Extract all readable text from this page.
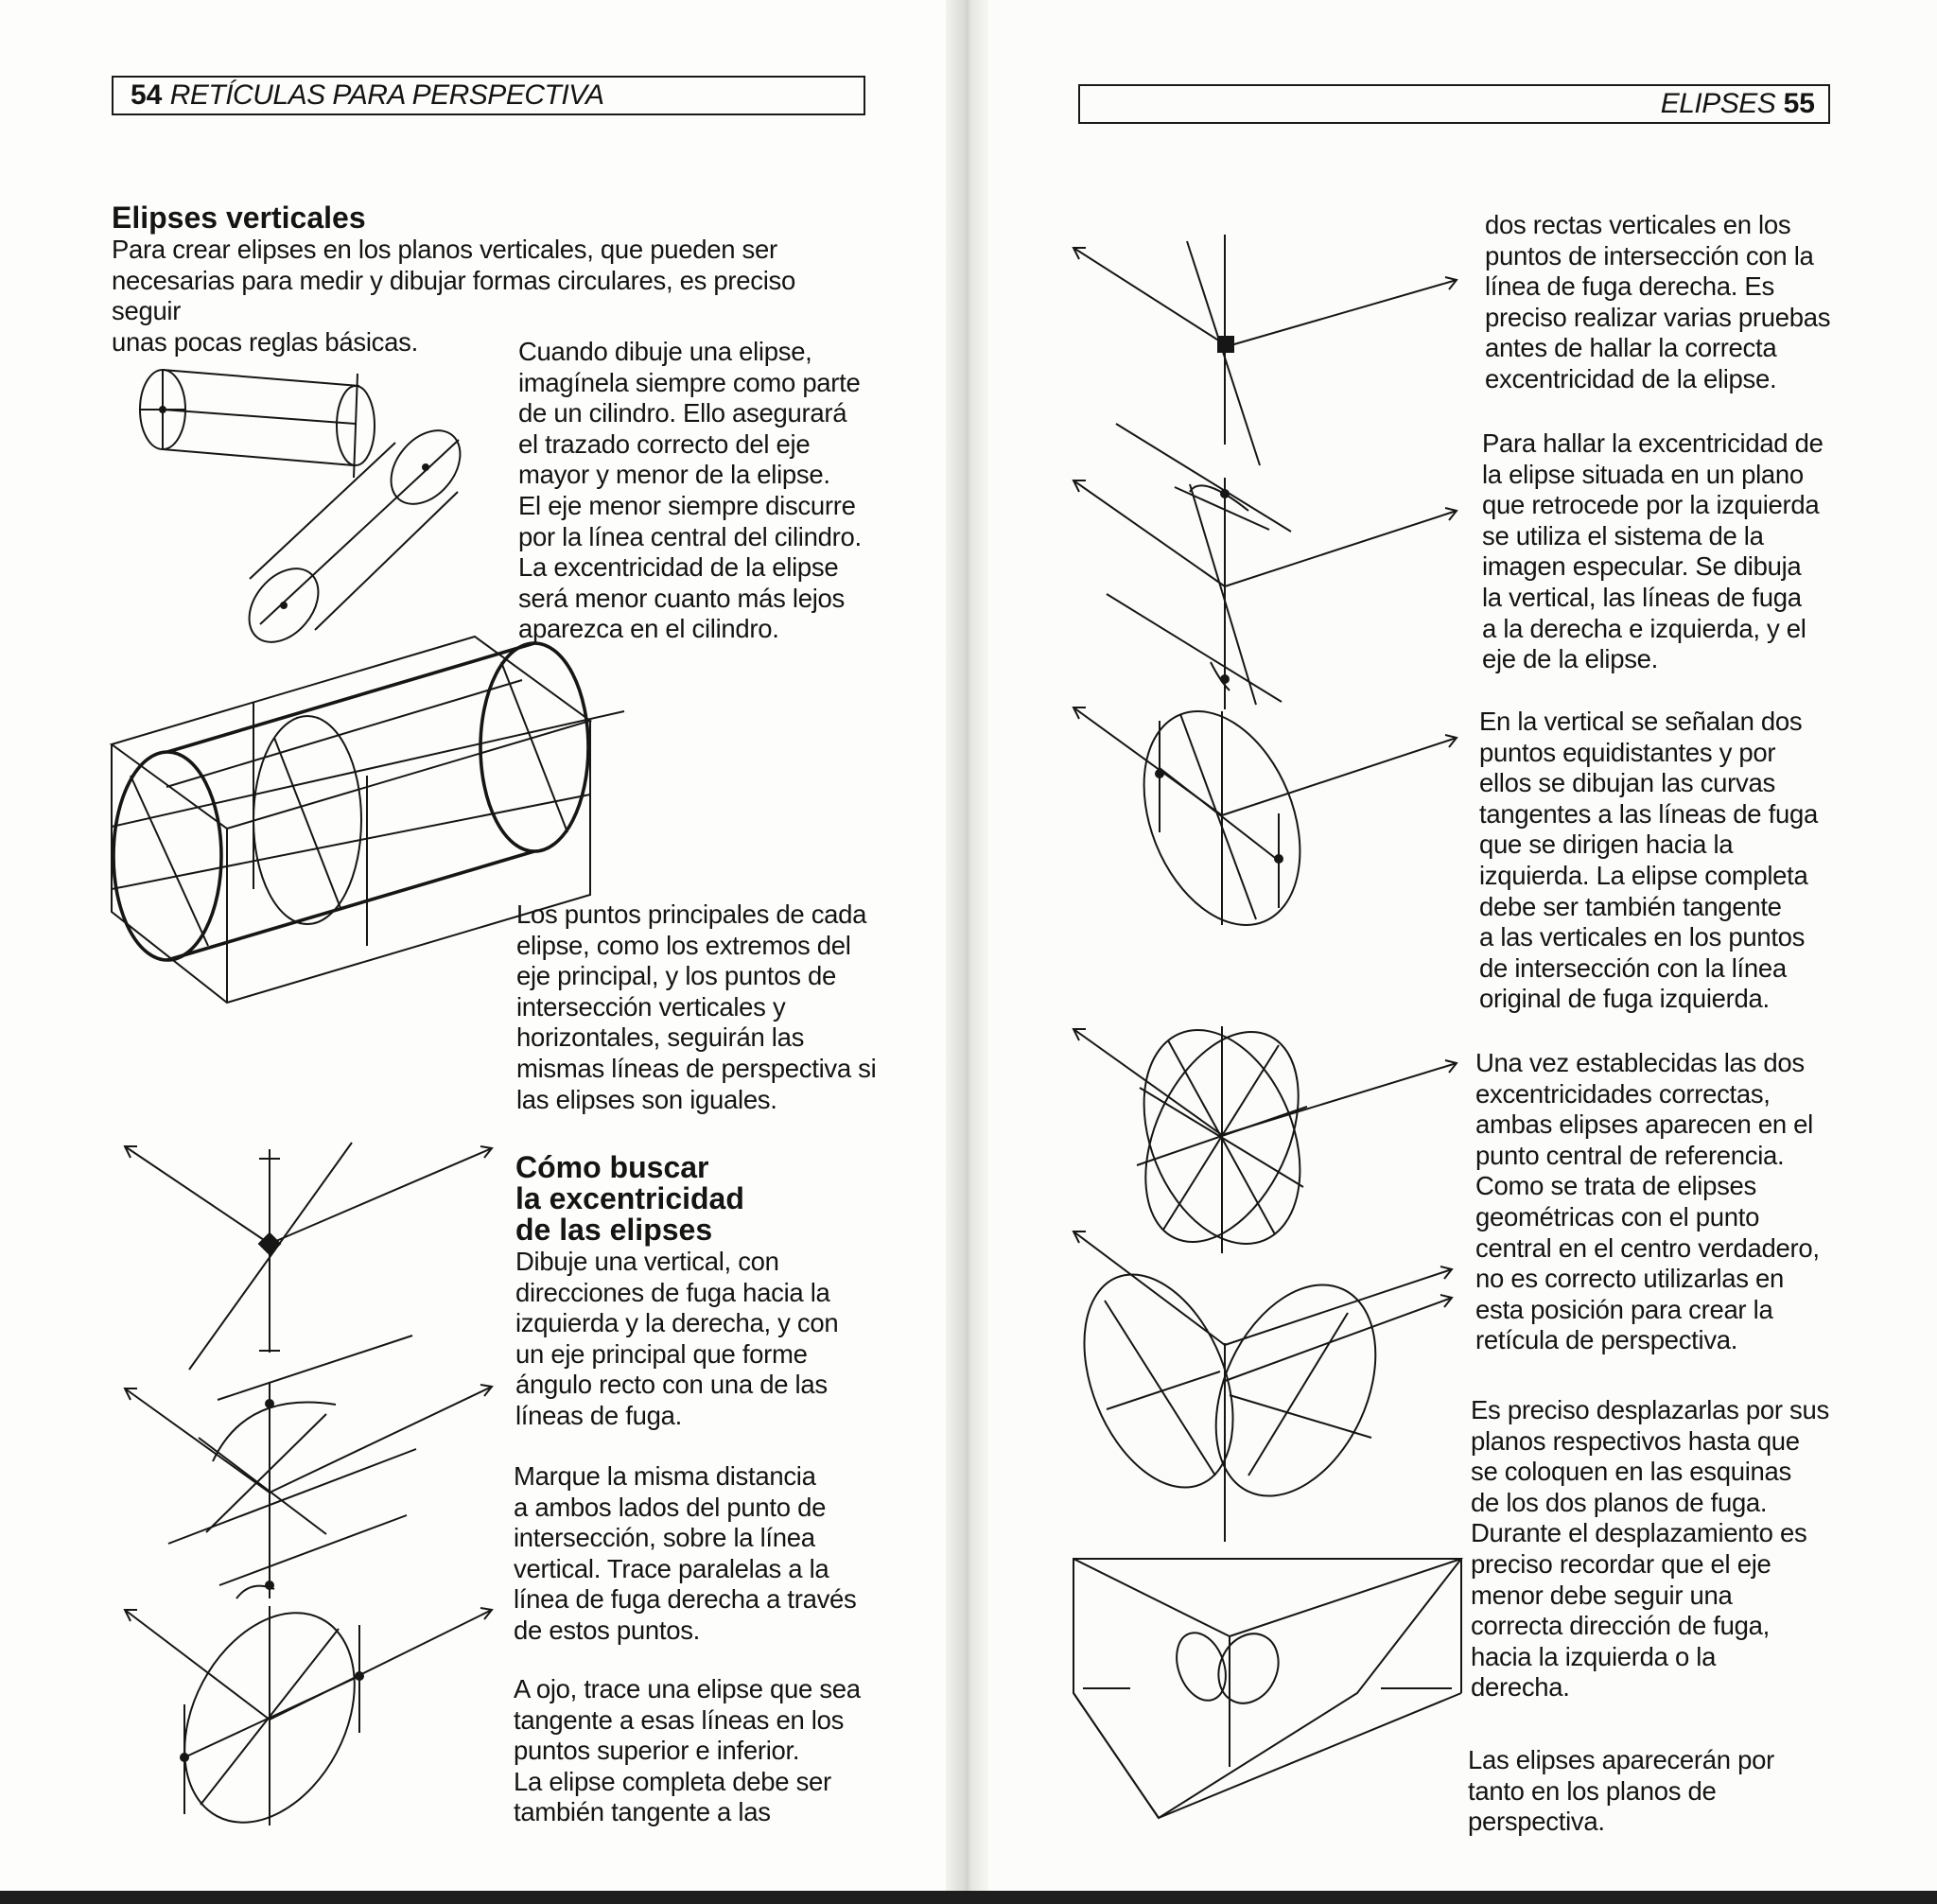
54 RETÍCULAS PARA PERSPECTIVA
Elipses verticales
Para crear elipses en los planos verticales, que pueden ser
necesarias para medir y dibujar formas circulares, es preciso seguir
unas pocas reglas básicas.	Cuando dibuje una elipse,
imagínela siempre como parte
de un cilindro. Ello asegurará
el trazado correcto del eje
mayor y menor de la elipse.
El eje menor siempre discurre
por la línea central del cilindro.
La excentricidad de la elipse
será menor cuanto más lejos
aparezca en el cilindro.
Los puntos principales de cada
elipse, como los extremos del
eje principal, y los puntos de
intersección verticales y
horizontales, seguirán las
mismas líneas de perspectiva si
las elipses son iguales.
Cómo buscar
la excentricidad
de las elipses
Dibuje una vertical, con
direcciones de fuga hacia la
izquierda y la derecha, y con
un eje principal que forme
ángulo recto con una de las
líneas de fuga.
Marque la misma distancia
a ambos lados del punto de
intersección, sobre la línea
vertical. Trace paralelas a la
línea de fuga derecha a través
de estos puntos.
A ojo, trace una elipse que sea
tangente a esas líneas en los
puntos superior e inferior.
La elipse completa debe ser
también tangente a las
ELIPSES 55
dos rectas verticales en los
puntos de intersección con la
línea de fuga derecha. Es
preciso realizar varias pruebas
antes de hallar la correcta
excentricidad de la elipse.
Para hallar la excentricidad de
la elipse situada en un plano
que retrocede por la izquierda
se utiliza el sistema de la
imagen especular. Se dibuja
la vertical, las líneas de fuga
a la derecha e izquierda, y el
eje de la elipse.
En la vertical se señalan dos
puntos equidistantes y por
ellos se dibujan las curvas
tangentes a las líneas de fuga
que se dirigen hacia la
izquierda. La elipse completa
debe ser también tangente
a las verticales en los puntos
de intersección con la línea
original de fuga izquierda.
Una vez establecidas las dos
excentricidades correctas,
ambas elipses aparecen en el
punto central de referencia.
Como se trata de elipses
geométricas con el punto
central en el centro verdadero,
no es correcto utilizarlas en
esta posición para crear la
retícula de perspectiva.
Es preciso desplazarlas por sus
planos respectivos hasta que
se coloquen en las esquinas
de los dos planos de fuga.
Durante el desplazamiento es
preciso recordar que el eje
menor debe seguir una
correcta dirección de fuga,
hacia la izquierda o la
derecha.
Las elipses aparecerán por
tanto en los planos de
perspectiva.
